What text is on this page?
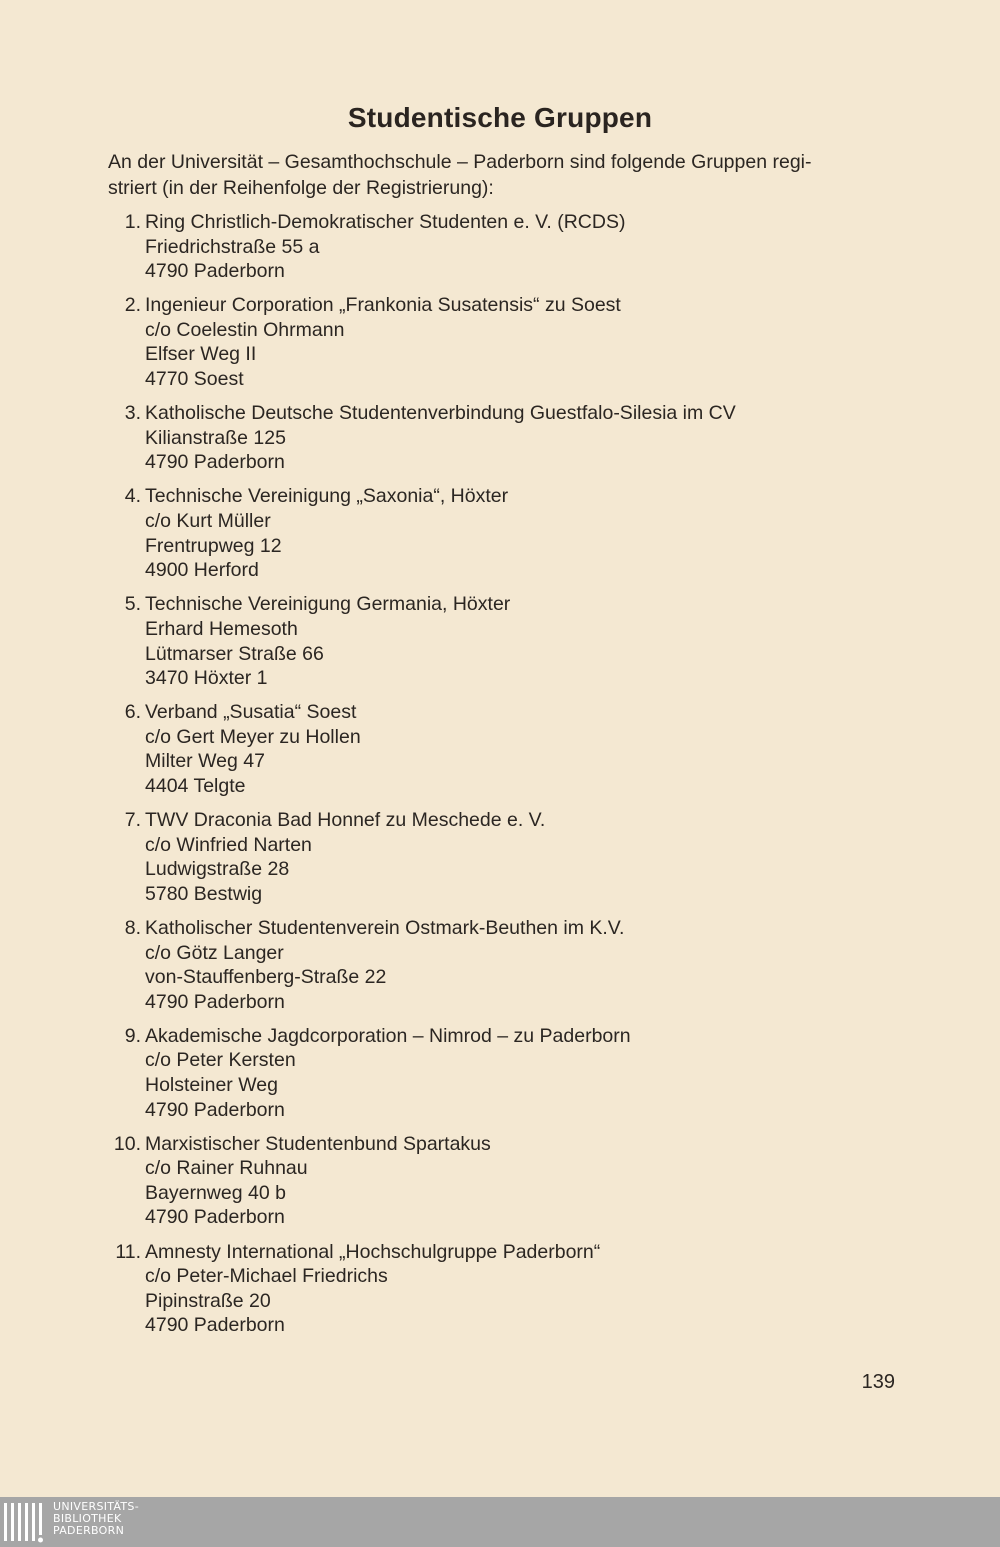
Studentische Gruppen
An der Universität – Gesamthochschule – Paderborn sind folgende Gruppen regi-
striert (in der Reihenfolge der Registrierung):
1. Ring Christlich-Demokratischer Studenten e. V. (RCDS)
Friedrichstraße 55 a
4790 Paderborn
2. Ingenieur Corporation „Frankonia Susatensis“ zu Soest
c/o Coelestin Ohrmann
Elfser Weg II
4770 Soest
3. Katholische Deutsche Studentenverbindung Guestfalo-Silesia im CV
Kilianstraße 125
4790 Paderborn
4. Technische Vereinigung „Saxonia“, Höxter
c/o Kurt Müller
Frentrupweg 12
4900 Herford
5. Technische Vereinigung Germania, Höxter
Erhard Hemesoth
Lütmarser Straße 66
3470 Höxter 1
6. Verband „Susatia“ Soest
c/o Gert Meyer zu Hollen
Milter Weg 47
4404 Telgte
7. TWV Draconia Bad Honnef zu Meschede e. V.
c/o Winfried Narten
Ludwigstraße 28
5780 Bestwig
8. Katholischer Studentenverein Ostmark-Beuthen im K.V.
c/o Götz Langer
von-Stauffenberg-Straße 22
4790 Paderborn
9. Akademische Jagdcorporation – Nimrod – zu Paderborn
c/o Peter Kersten
Holsteiner Weg
4790 Paderborn
10. Marxistischer Studentenbund Spartakus
c/o Rainer Ruhnau
Bayernweg 40 b
4790 Paderborn
11. Amnesty International „Hochschulgruppe Paderborn“
c/o Peter-Michael Friedrichs
Pipinstraße 20
4790 Paderborn
139
UNIVERSITÄTS-
BIBLIOTHEK
PADERBORN
